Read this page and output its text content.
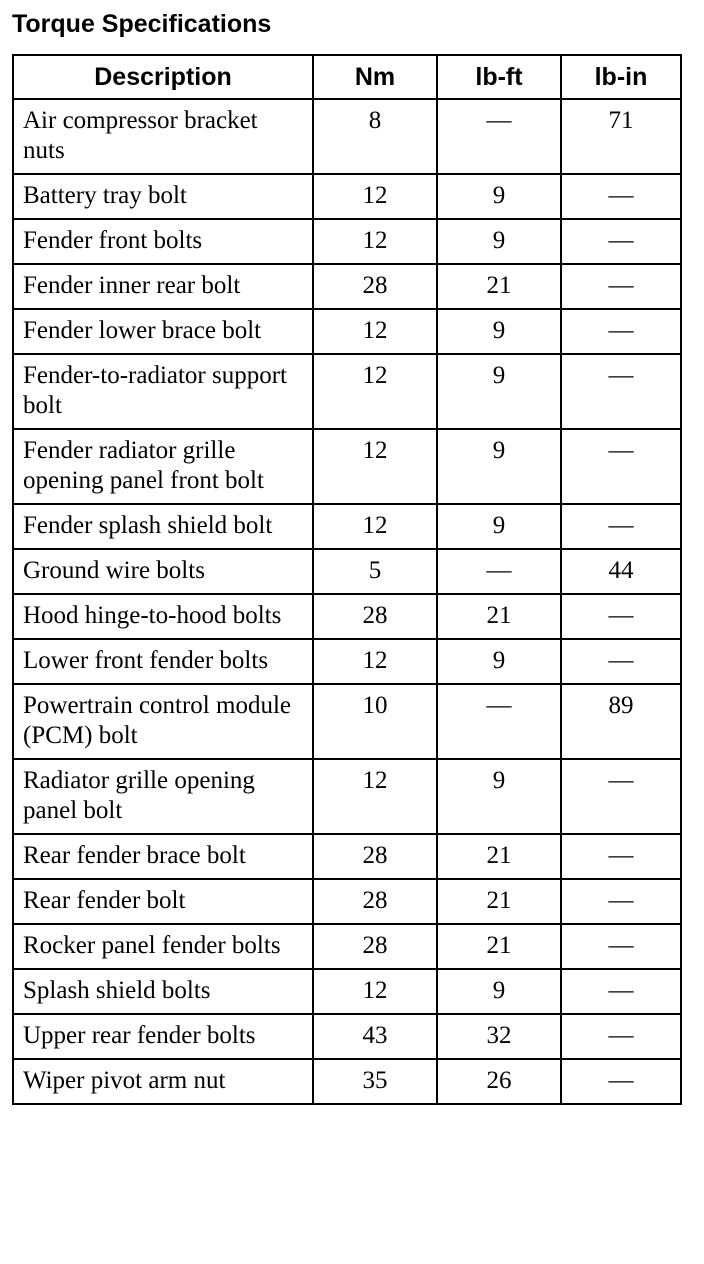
Torque Specifications
Description	Nm	lb-ft	lb-in
Air compressor bracket nuts	8	—	71
Battery tray bolt	12	9	—
Fender front bolts	12	9	—
Fender inner rear bolt	28	21	—
Fender lower brace bolt	12	9	—
Fender-to-radiator support bolt	12	9	—
Fender radiator grille opening panel front bolt	12	9	—
Fender splash shield bolt	12	9	—
Ground wire bolts	5	—	44
Hood hinge-to-hood bolts	28	21	—
Lower front fender bolts	12	9	—
Powertrain control module (PCM) bolt	10	—	89
Radiator grille opening panel bolt	12	9	—
Rear fender brace bolt	28	21	—
Rear fender bolt	28	21	—
Rocker panel fender bolts	28	21	—
Splash shield bolts	12	9	—
Upper rear fender bolts	43	32	—
Wiper pivot arm nut	35	26	—
